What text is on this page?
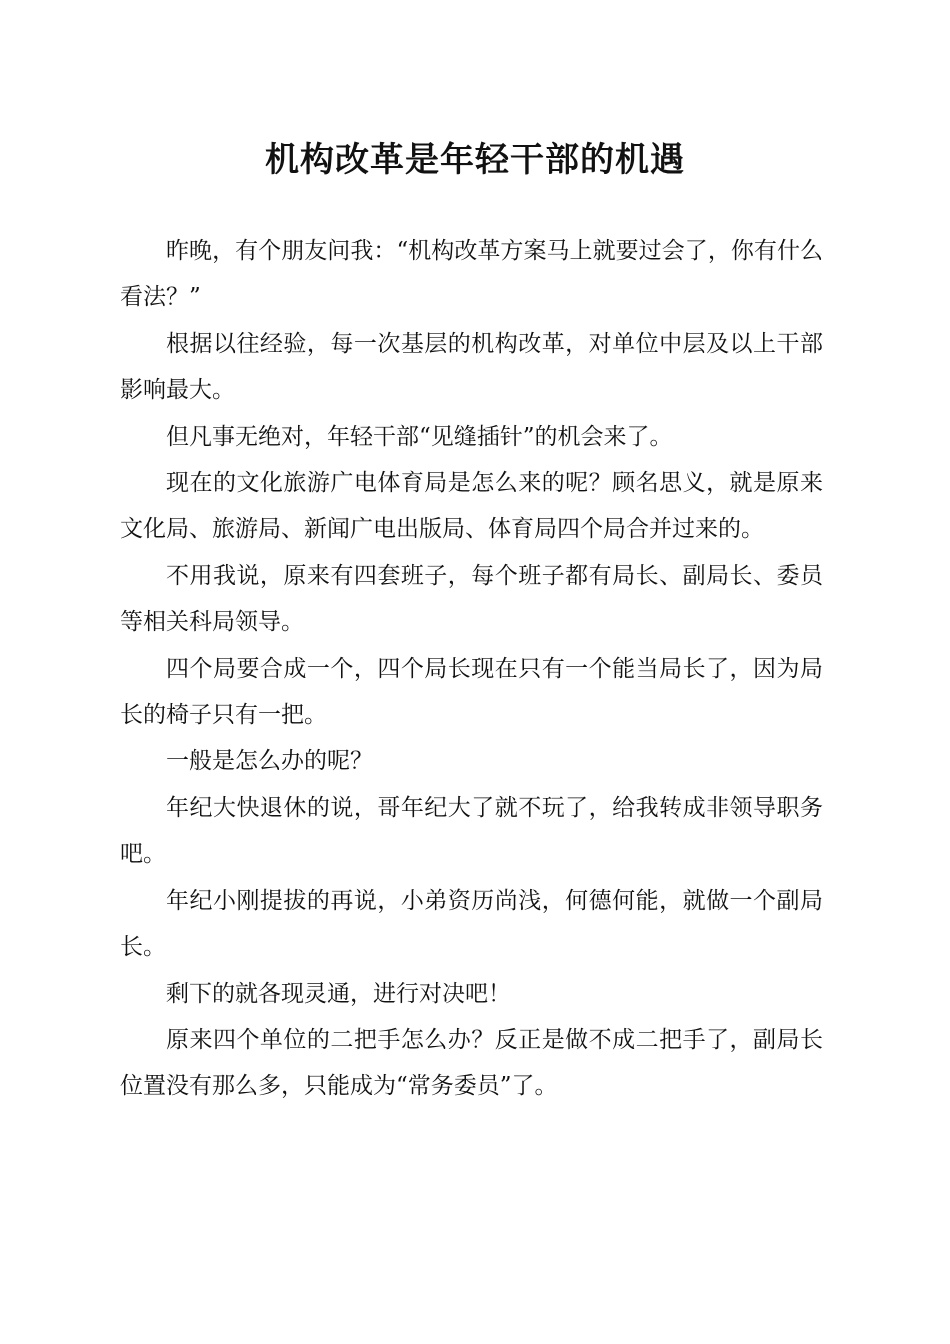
机构改革是年轻干部的机遇

昨晚，有个朋友问我：“机构改革方案马上就要过会了，你有什么看法？”

根据以往经验，每一次基层的机构改革，对单位中层及以上干部影响最大。

但凡事无绝对，年轻干部“见缝插针”的机会来了。

现在的文化旅游广电体育局是怎么来的呢？顾名思义，就是原来文化局、旅游局、新闻广电出版局、体育局四个局合并过来的。

不用我说，原来有四套班子，每个班子都有局长、副局长、委员等相关科局领导。

四个局要合成一个，四个局长现在只有一个能当局长了，因为局长的椅子只有一把。

一般是怎么办的呢？

年纪大快退休的说，哥年纪大了就不玩了，给我转成非领导职务吧。

年纪小刚提拔的再说，小弟资历尚浅，何德何能，就做一个副局长。

剩下的就各现灵通，进行对决吧！

原来四个单位的二把手怎么办？反正是做不成二把手了，副局长位置没有那么多，只能成为“常务委员”了。
